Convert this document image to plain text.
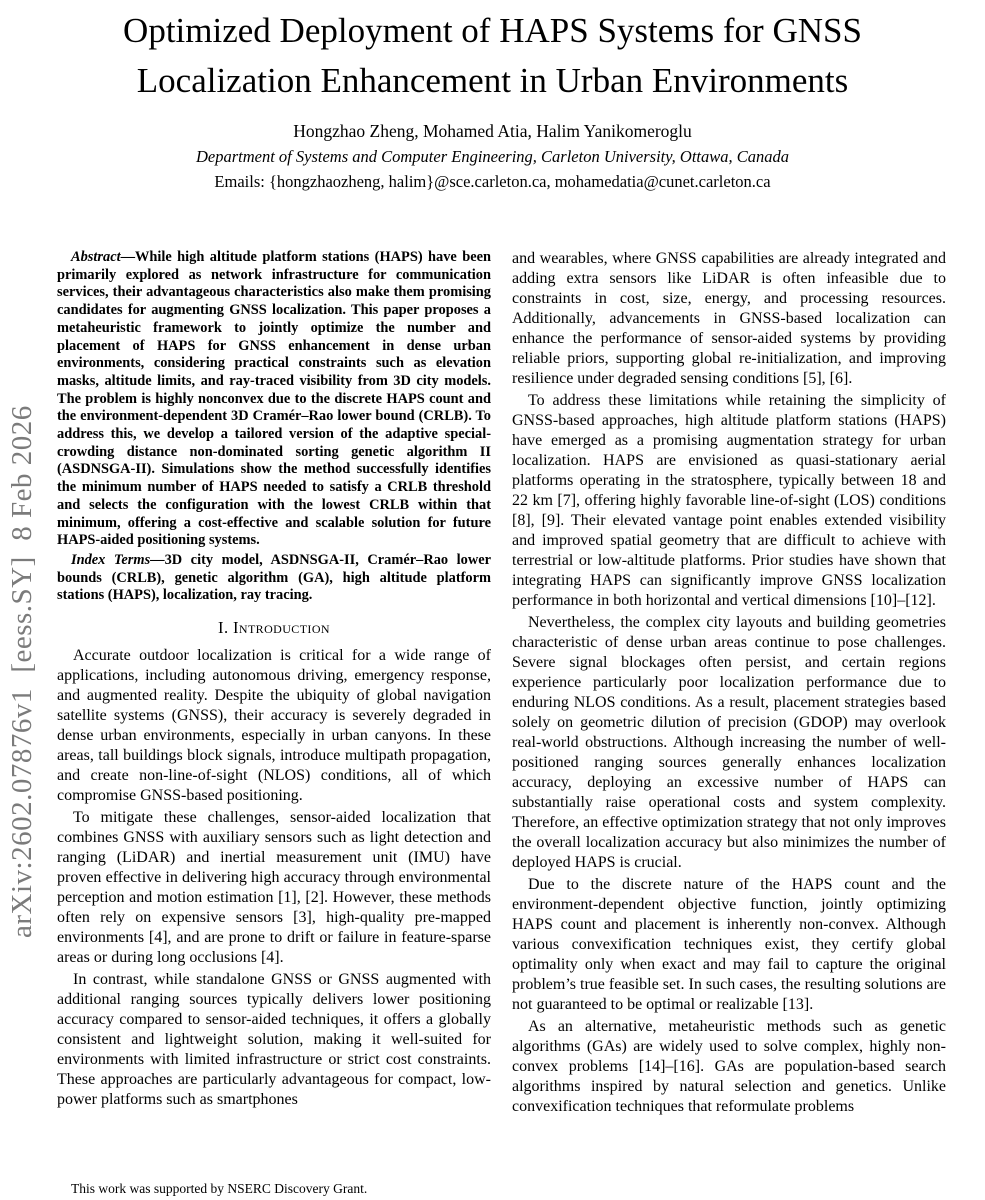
arXiv:2602.07876v1  [eess.SY]  8 Feb 2026
Optimized Deployment of HAPS Systems for GNSS
Localization Enhancement in Urban Environments
Hongzhao Zheng, Mohamed Atia, Halim Yanikomeroglu
Department of Systems and Computer Engineering, Carleton University, Ottawa, Canada
Emails: {hongzhaozheng, halim}@sce.carleton.ca, mohamedatia@cunet.carleton.ca

Abstract—While high altitude platform stations (HAPS) have been primarily explored as network infrastructure for communication services, their advantageous characteristics also make them promising candidates for augmenting GNSS localization. This paper proposes a metaheuristic framework to jointly optimize the number and placement of HAPS for GNSS enhancement in dense urban environments, considering practical constraints such as elevation masks, altitude limits, and ray-traced visibility from 3D city models. The problem is highly nonconvex due to the discrete HAPS count and the environment-dependent 3D Cramér–Rao lower bound (CRLB). To address this, we develop a tailored version of the adaptive special-crowding distance non-dominated sorting genetic algorithm II (ASDNSGA-II). Simulations show the method successfully identifies the minimum number of HAPS needed to satisfy a CRLB threshold and selects the configuration with the lowest CRLB within that minimum, offering a cost-effective and scalable solution for future HAPS-aided positioning systems.

Index Terms—3D city model, ASDNSGA-II, Cramér–Rao lower bounds (CRLB), genetic algorithm (GA), high altitude platform stations (HAPS), localization, ray tracing.

I. Introduction

Accurate outdoor localization is critical for a wide range of applications, including autonomous driving, emergency response, and augmented reality. Despite the ubiquity of global navigation satellite systems (GNSS), their accuracy is severely degraded in dense urban environments, especially in urban canyons. In these areas, tall buildings block signals, introduce multipath propagation, and create non-line-of-sight (NLOS) conditions, all of which compromise GNSS-based positioning.

To mitigate these challenges, sensor-aided localization that combines GNSS with auxiliary sensors such as light detection and ranging (LiDAR) and inertial measurement unit (IMU) have proven effective in delivering high accuracy through environmental perception and motion estimation [1], [2]. However, these methods often rely on expensive sensors [3], high-quality pre-mapped environments [4], and are prone to drift or failure in feature-sparse areas or during long occlusions [4].

In contrast, while standalone GNSS or GNSS augmented with additional ranging sources typically delivers lower positioning accuracy compared to sensor-aided techniques, it offers a globally consistent and lightweight solution, making it well-suited for environments with limited infrastructure or strict cost constraints. These approaches are particularly advantageous for compact, low-power platforms such as smartphones

and wearables, where GNSS capabilities are already integrated and adding extra sensors like LiDAR is often infeasible due to constraints in cost, size, energy, and processing resources. Additionally, advancements in GNSS-based localization can enhance the performance of sensor-aided systems by providing reliable priors, supporting global re-initialization, and improving resilience under degraded sensing conditions [5], [6].

To address these limitations while retaining the simplicity of GNSS-based approaches, high altitude platform stations (HAPS) have emerged as a promising augmentation strategy for urban localization. HAPS are envisioned as quasi-stationary aerial platforms operating in the stratosphere, typically between 18 and 22 km [7], offering highly favorable line-of-sight (LOS) conditions [8], [9]. Their elevated vantage point enables extended visibility and improved spatial geometry that are difficult to achieve with terrestrial or low-altitude platforms. Prior studies have shown that integrating HAPS can significantly improve GNSS localization performance in both horizontal and vertical dimensions [10]–[12].

Nevertheless, the complex city layouts and building geometries characteristic of dense urban areas continue to pose challenges. Severe signal blockages often persist, and certain regions experience particularly poor localization performance due to enduring NLOS conditions. As a result, placement strategies based solely on geometric dilution of precision (GDOP) may overlook real-world obstructions. Although increasing the number of well-positioned ranging sources generally enhances localization accuracy, deploying an excessive number of HAPS can substantially raise operational costs and system complexity. Therefore, an effective optimization strategy that not only improves the overall localization accuracy but also minimizes the number of deployed HAPS is crucial.

Due to the discrete nature of the HAPS count and the environment-dependent objective function, jointly optimizing HAPS count and placement is inherently non-convex. Although various convexification techniques exist, they certify global optimality only when exact and may fail to capture the original problem’s true feasible set. In such cases, the resulting solutions are not guaranteed to be optimal or realizable [13].

As an alternative, metaheuristic methods such as genetic algorithms (GAs) are widely used to solve complex, highly non-convex problems [14]–[16]. GAs are population-based search algorithms inspired by natural selection and genetics. Unlike convexification techniques that reformulate problems

This work was supported by NSERC Discovery Grant.
